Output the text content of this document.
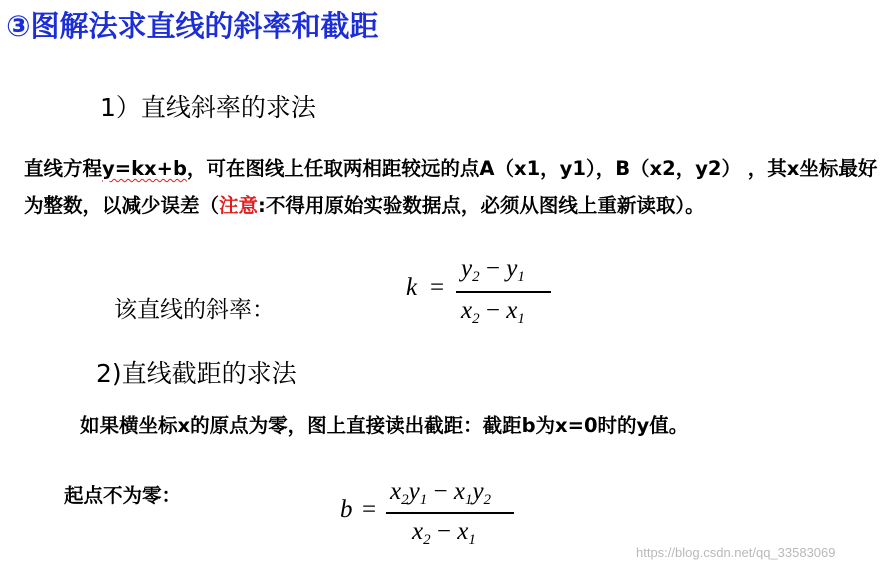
③图解法求直线的斜率和截距
1）直线斜率的求法
直线方程y=kx+b，可在图线上任取两相距较远的点A（x1，y1），B（x2，y2） ，其x坐标最好为整数，以减少误差（注意:不得用原始实验数据点，必须从图线上重新读取）。
该直线的斜率：
k =
$y_2 - y_1$
$x_2 - x_1$
2)直线截距的求法
如果横坐标x的原点为零，图上直接读出截距：截距b为x=0时的y值。
起点不为零：
b =
$x_2y_1 - x_1y_2$
$x_2 - x_1$
https://blog.csdn.net/qq_33583069
